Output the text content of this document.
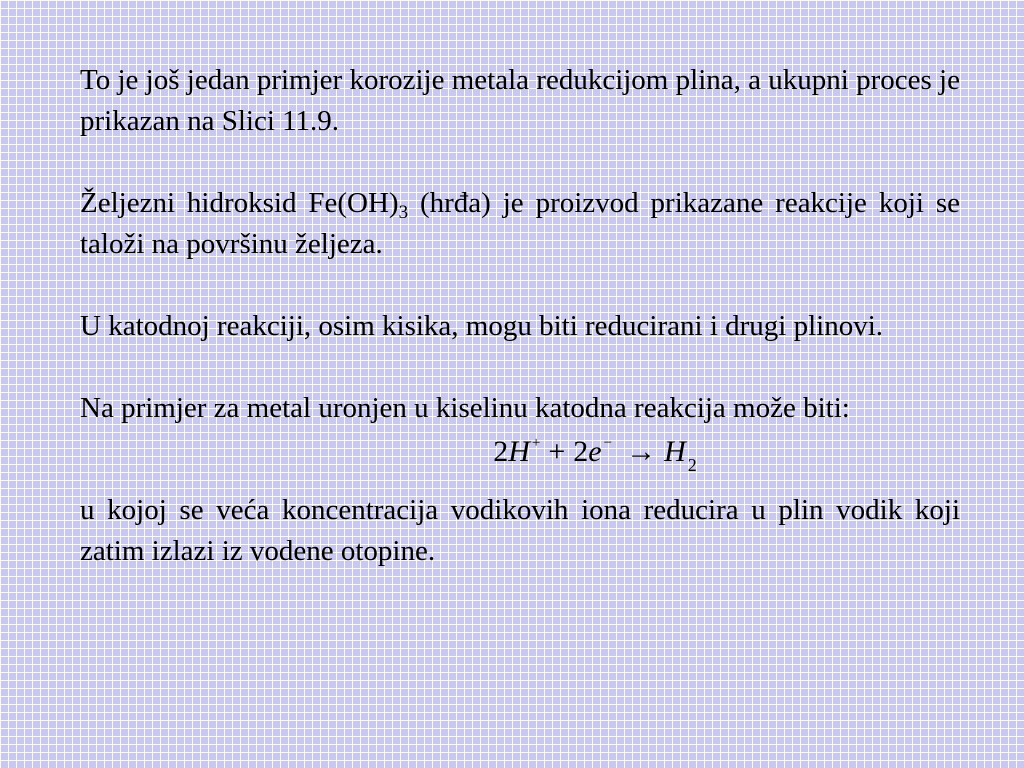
To je još jedan primjer korozije metala redukcijom plina, a ukupni proces je prikazan na Slici 11.9.

Željezni hidroksid $Fe(OH)_3$ (hrđa) je proizvod prikazane reakcije koji se taloži na površinu željeza.

U katodnoj reakciji, osim kisika, mogu biti reducirani i drugi plinovi.

Na primjer za metal uronjen u kiselinu katodna reakcija može biti:

2H + + 2e − → H $_2$

u kojoj se veća koncentracija vodikovih iona reducira u plin vodik koji zatim izlazi iz vodene otopine.
